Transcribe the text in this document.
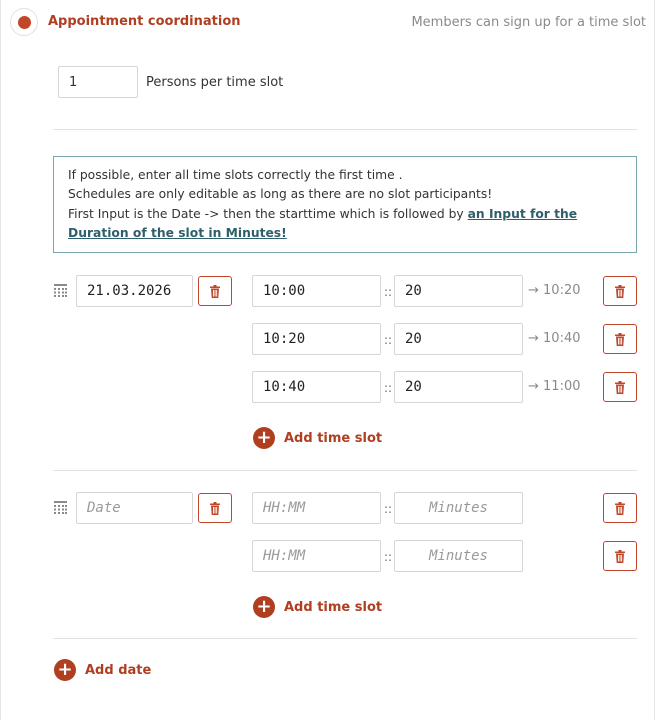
Appointment coordination	Members can sign up for a time slot
1
Persons per time slot
If possible, enter all time slots correctly the first time .
Schedules are only editable as long as there are no slot participants!
First Input is the Date -> then the starttime which is followed by an Input for the Duration of the slot in Minutes!
21.03.2026
10:00
::
20	→ 10:20
10:20
::
20	→ 10:40
10:40
::
20	→ 11:00
+ Add time slot
Date
HH:MM
::
Minutes
HH:MM
::
Minutes
+ Add time slot
+ Add date
